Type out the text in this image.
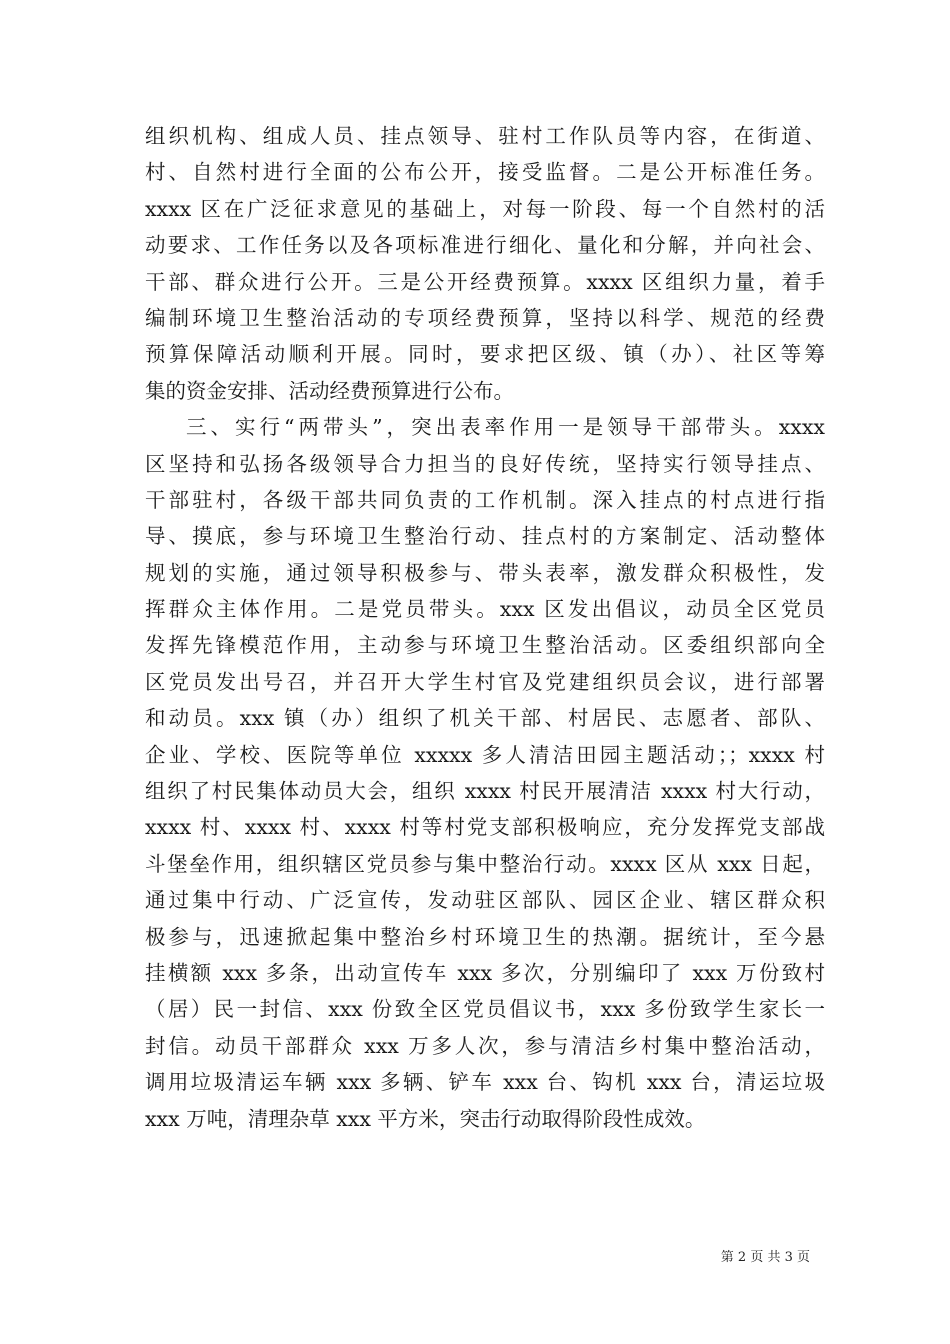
组织机构、组成人员、挂点领导、驻村工作队员等内容，在街道、
村、自然村进行全面的公布公开，接受监督。二是公开标准任务。
xxxx 区在广泛征求意见的基础上，对每一阶段、每一个自然村的活
动要求、工作任务以及各项标准进行细化、量化和分解，并向社会、
干部、群众进行公开。三是公开经费预算。xxxx 区组织力量，着手
编制环境卫生整治活动的专项经费预算，坚持以科学、规范的经费
预算保障活动顺利开展。同时，要求把区级、镇（办）、社区等筹
集的资金安排、活动经费预算进行公布。
三、实行“两带头”，突出表率作用一是领导干部带头。xxxx
区坚持和弘扬各级领导合力担当的良好传统，坚持实行领导挂点、
干部驻村，各级干部共同负责的工作机制。深入挂点的村点进行指
导、摸底，参与环境卫生整治行动、挂点村的方案制定、活动整体
规划的实施，通过领导积极参与、带头表率，激发群众积极性，发
挥群众主体作用。二是党员带头。xxx 区发出倡议，动员全区党员
发挥先锋模范作用，主动参与环境卫生整治活动。区委组织部向全
区党员发出号召，并召开大学生村官及党建组织员会议，进行部署
和动员。xxx 镇（办）组织了机关干部、村居民、志愿者、部队、
企业、学校、医院等单位 xxxxx 多人清洁田园主题活动；；xxxx 村
组织了村民集体动员大会，组织 xxxx 村民开展清洁 xxxx 村大行动，
xxxx 村、xxxx 村、xxxx 村等村党支部积极响应，充分发挥党支部战
斗堡垒作用，组织辖区党员参与集中整治行动。xxxx 区从 xxx 日起，
通过集中行动、广泛宣传，发动驻区部队、园区企业、辖区群众积
极参与，迅速掀起集中整治乡村环境卫生的热潮。据统计，至今悬
挂横额 xxx 多条，出动宣传车 xxx 多次，分别编印了 xxx 万份致村
（居）民一封信、xxx 份致全区党员倡议书，xxx 多份致学生家长一
封信。动员干部群众 xxx 万多人次，参与清洁乡村集中整治活动，
调用垃圾清运车辆 xxx 多辆、铲车 xxx 台、钩机 xxx 台，清运垃圾
xxx 万吨，清理杂草 xxx 平方米，突击行动取得阶段性成效。
第 2 页 共 3 页
